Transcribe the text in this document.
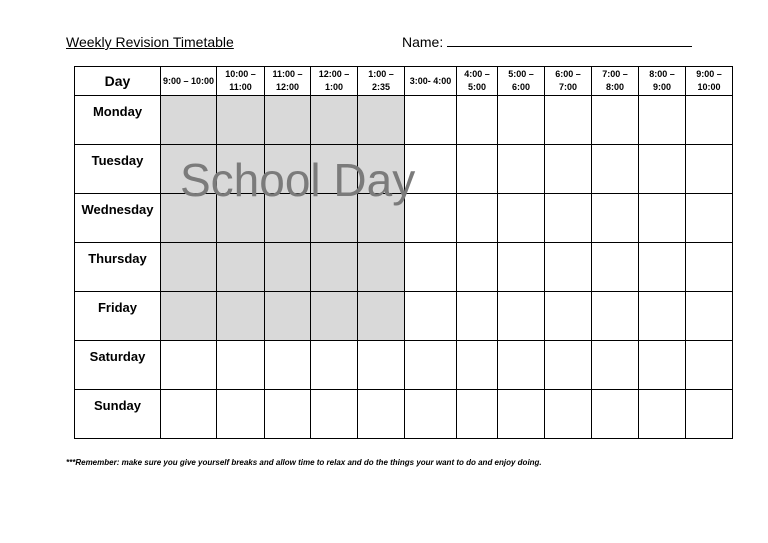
Weekly Revision Timetable	Name:
Day	9:00 – 10:00	10:00 – 11:00	11:00 – 12:00	12:00 – 1:00	1:00 – 2:35	3:00- 4:00	4:00 – 5:00	5:00 – 6:00	6:00 – 7:00	7:00 – 8:00	8:00 – 9:00	9:00 – 10:00
Monday												
Tuesday												
Wednesday												
Thursday												
Friday												
Saturday												
Sunday												
School Day
***Remember: make sure you give yourself breaks and allow time to relax and do the things your want to do and enjoy doing.
